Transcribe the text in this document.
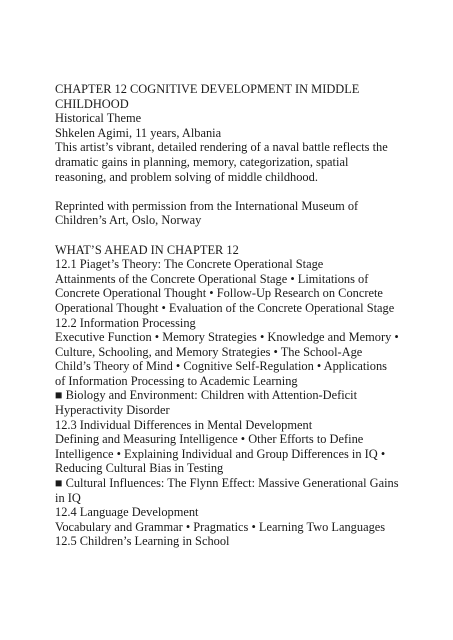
CHAPTER 12 COGNITIVE DEVELOPMENT IN MIDDLE CHILDHOOD

Historical Theme

Shkelen Agimi, 11 years, Albania

This artist’s vibrant, detailed rendering of a naval battle reflects the dramatic gains in planning, memory, categorization, spatial reasoning, and problem solving of middle childhood.

Reprinted with permission from the International Museum of Children’s Art, Oslo, Norway

WHAT’S AHEAD IN CHAPTER 12

12.1 Piaget’s Theory: The Concrete Operational Stage

Attainments of the Concrete Operational Stage • Limitations of Concrete Operational Thought • Follow-Up Research on Concrete Operational Thought • Evaluation of the Concrete Operational Stage

12.2 Information Processing

Executive Function • Memory Strategies • Knowledge and Memory • Culture, Schooling, and Memory Strategies • The School-Age Child’s Theory of Mind • Cognitive Self-Regulation • Applications of Information Processing to Academic Learning

■ Biology and Environment: Children with Attention-Deficit Hyperactivity Disorder

12.3 Individual Differences in Mental Development

Defining and Measuring Intelligence • Other Efforts to Define Intelligence • Explaining Individual and Group Differences in IQ • Reducing Cultural Bias in Testing

■ Cultural Influences: The Flynn Effect: Massive Generational Gains in IQ

12.4 Language Development

Vocabulary and Grammar • Pragmatics • Learning Two Languages

12.5 Children’s Learning in School
